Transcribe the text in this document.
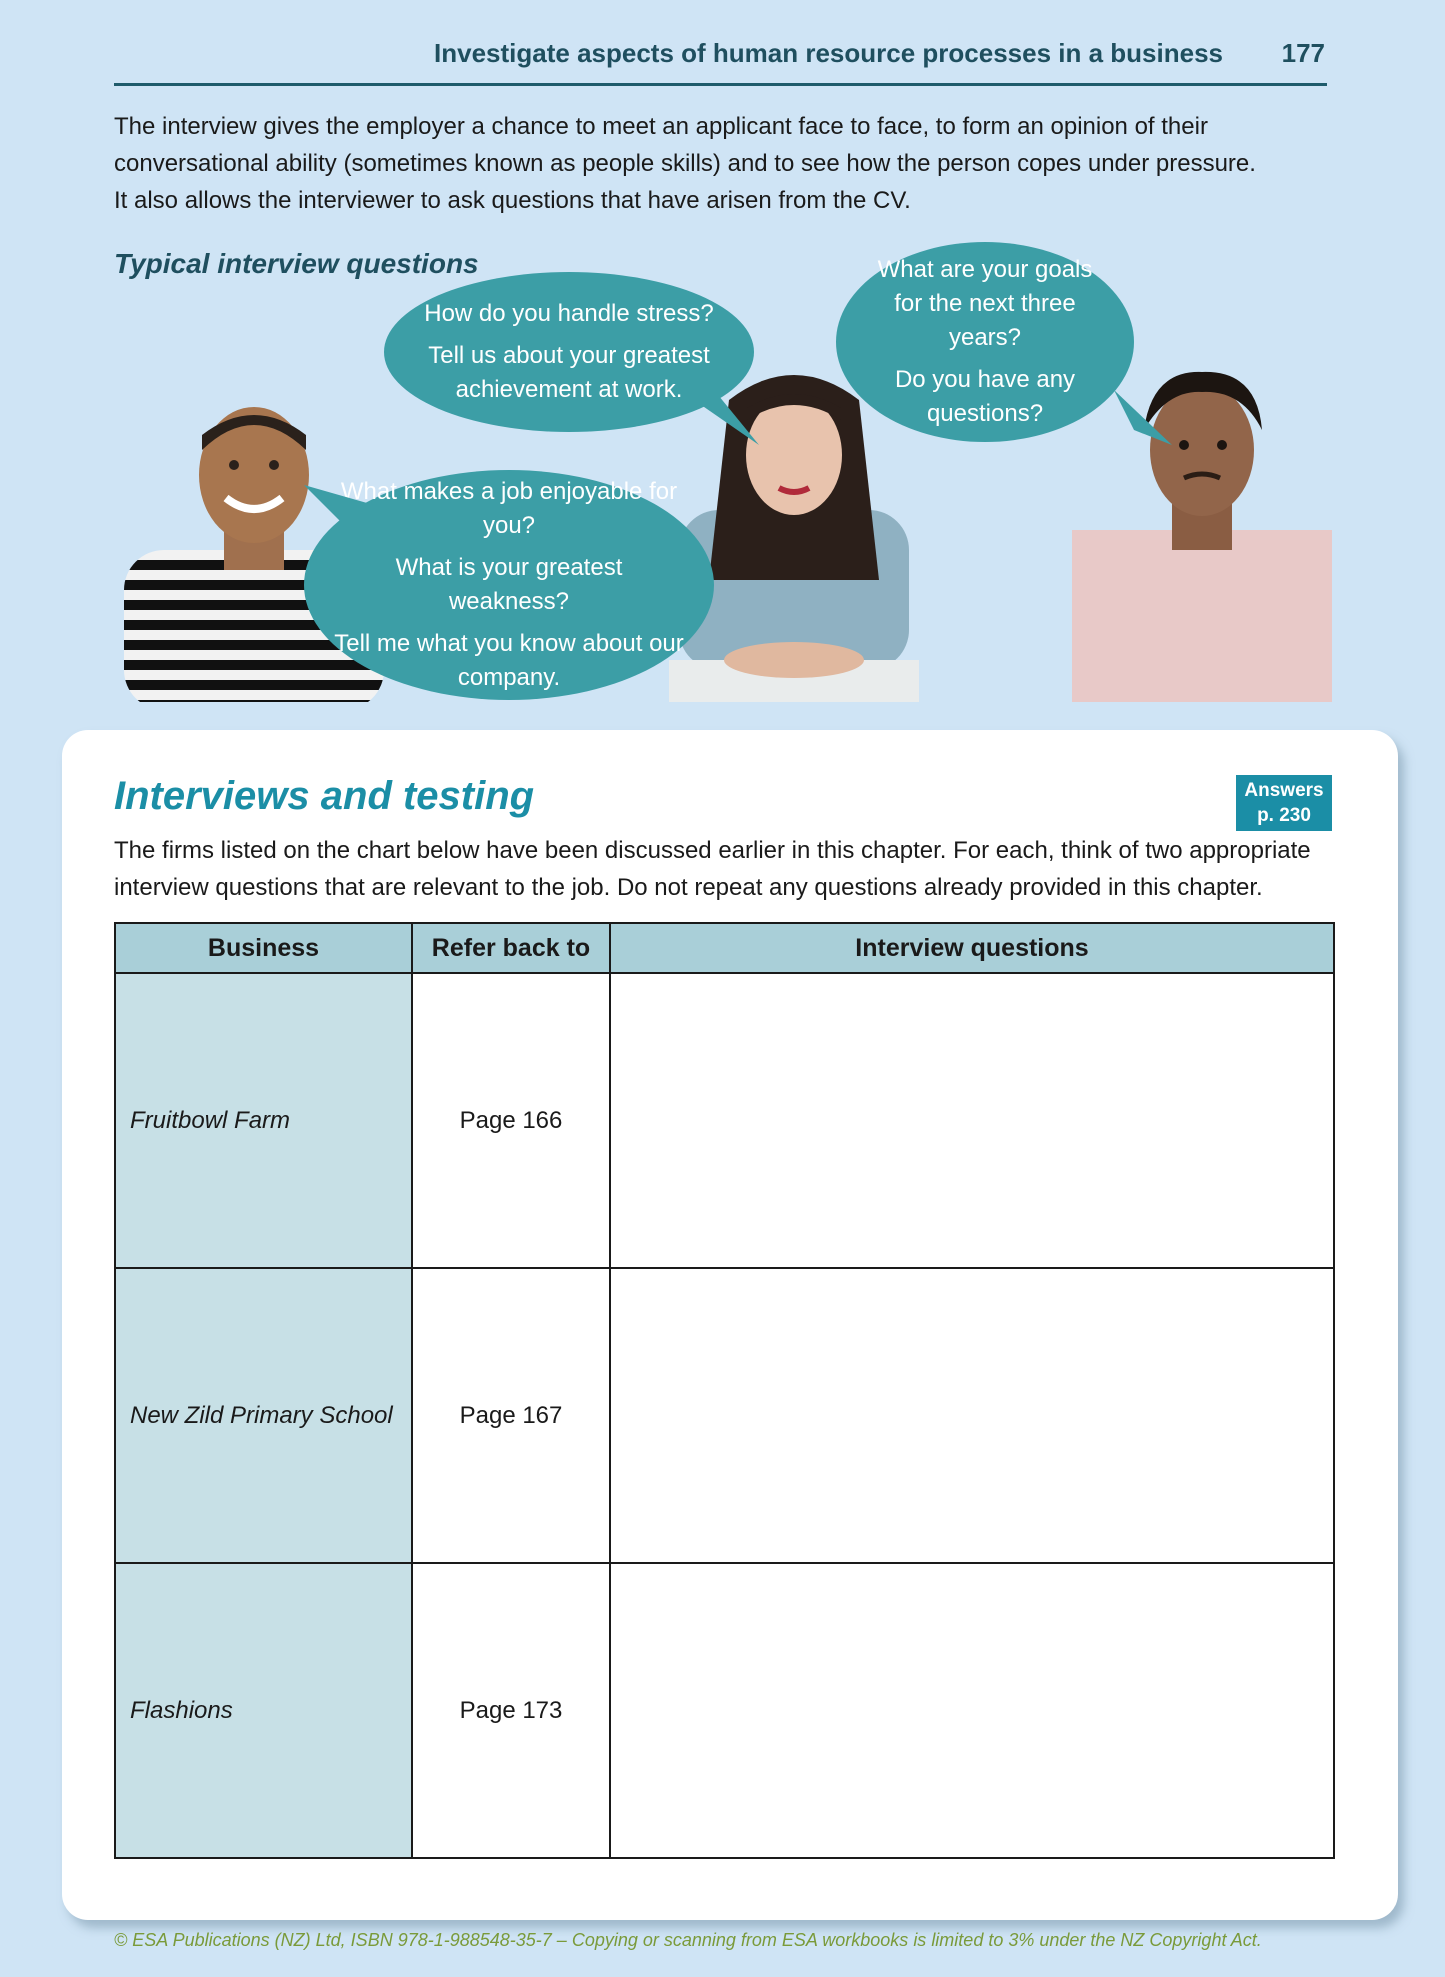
Investigate aspects of human resource processes in a business 177
The interview gives the employer a chance to meet an applicant face to face, to form an opinion of their
conversational ability (sometimes known as people skills) and to see how the person copes under pressure.
It also allows the interviewer to ask questions that have arisen from the CV.
Typical interview questions

How do you handle stress?

Tell us about your greatest achievement at work.

What are your goals for the next three years?

Do you have any questions?

What makes a job enjoyable for you?

What is your greatest weakness?

Tell me what you know about our company.

Interviews and testing	Answers
p. 230
The firms listed on the chart below have been discussed earlier in this chapter. For each, think of two appropriate
interview questions that are relevant to the job. Do not repeat any questions already provided in this chapter.
Business	Refer back to	Interview questions
Fruitbowl Farm	Page 166	
New Zild Primary School	Page 167	
Flashions	Page 173	
© ESA Publications (NZ) Ltd, ISBN 978-1-988548-35-7 – Copying or scanning from ESA workbooks is limited to 3% under the NZ Copyright Act.
